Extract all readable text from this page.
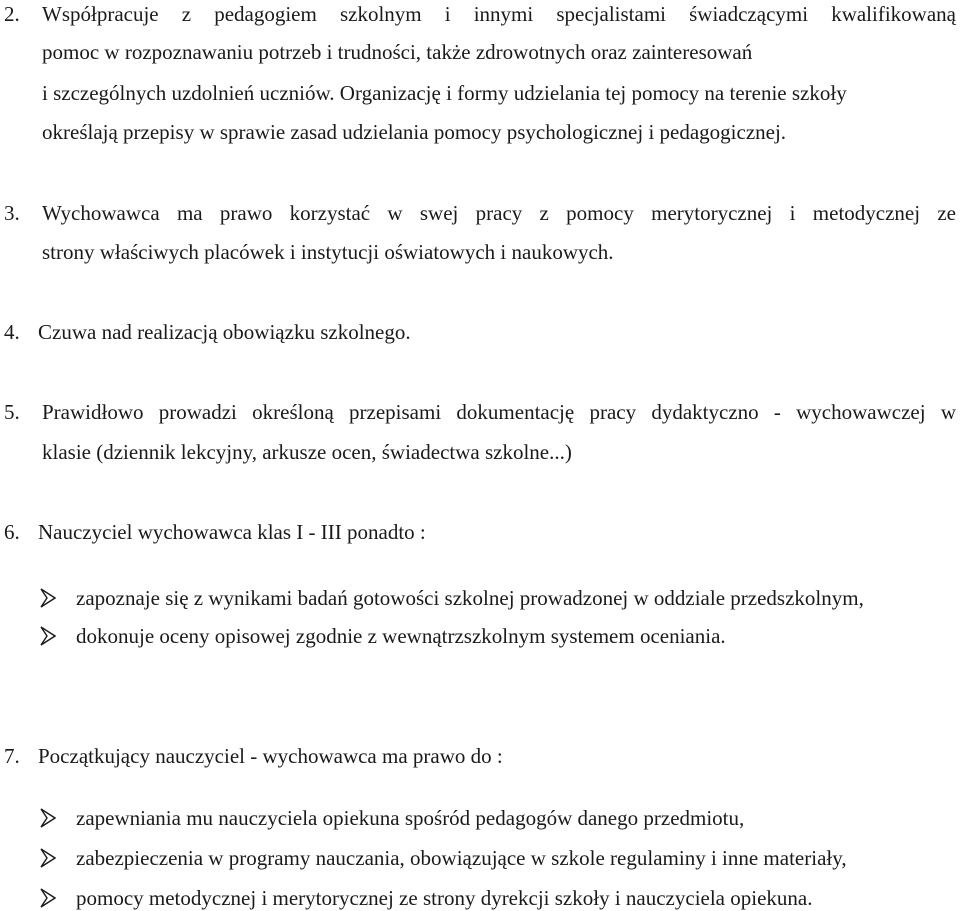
2. Współpracuje z pedagogiem szkolnym i innymi specjalistami świadczącymi kwalifikowaną
pomoc w rozpoznawaniu potrzeb i trudności, także zdrowotnych oraz zainteresowań
i szczególnych uzdolnień uczniów. Organizację i formy udzielania tej pomocy na terenie szkoły
określają przepisy w sprawie zasad udzielania pomocy psychologicznej i pedagogicznej.
3. Wychowawca ma prawo korzystać w swej pracy z pomocy merytorycznej i metodycznej ze
strony właściwych placówek i instytucji oświatowych i naukowych.
4. Czuwa nad realizacją obowiązku szkolnego.
5. Prawidłowo prowadzi określoną przepisami dokumentację pracy dydaktyczno - wychowawczej w
klasie (dziennik lekcyjny, arkusze ocen, świadectwa szkolne...)
6. Nauczyciel wychowawca klas I - III ponadto :
zapoznaje się z wynikami badań gotowości szkolnej prowadzonej w oddziale przedszkolnym,
dokonuje oceny opisowej zgodnie z wewnątrzszkolnym systemem oceniania.
7. Początkujący nauczyciel - wychowawca ma prawo do :
zapewniania mu nauczyciela opiekuna spośród pedagogów danego przedmiotu,
zabezpieczenia w programy nauczania, obowiązujące w szkole regulaminy i inne materiały,
pomocy metodycznej i merytorycznej ze strony dyrekcji szkoły i nauczyciela opiekuna.
